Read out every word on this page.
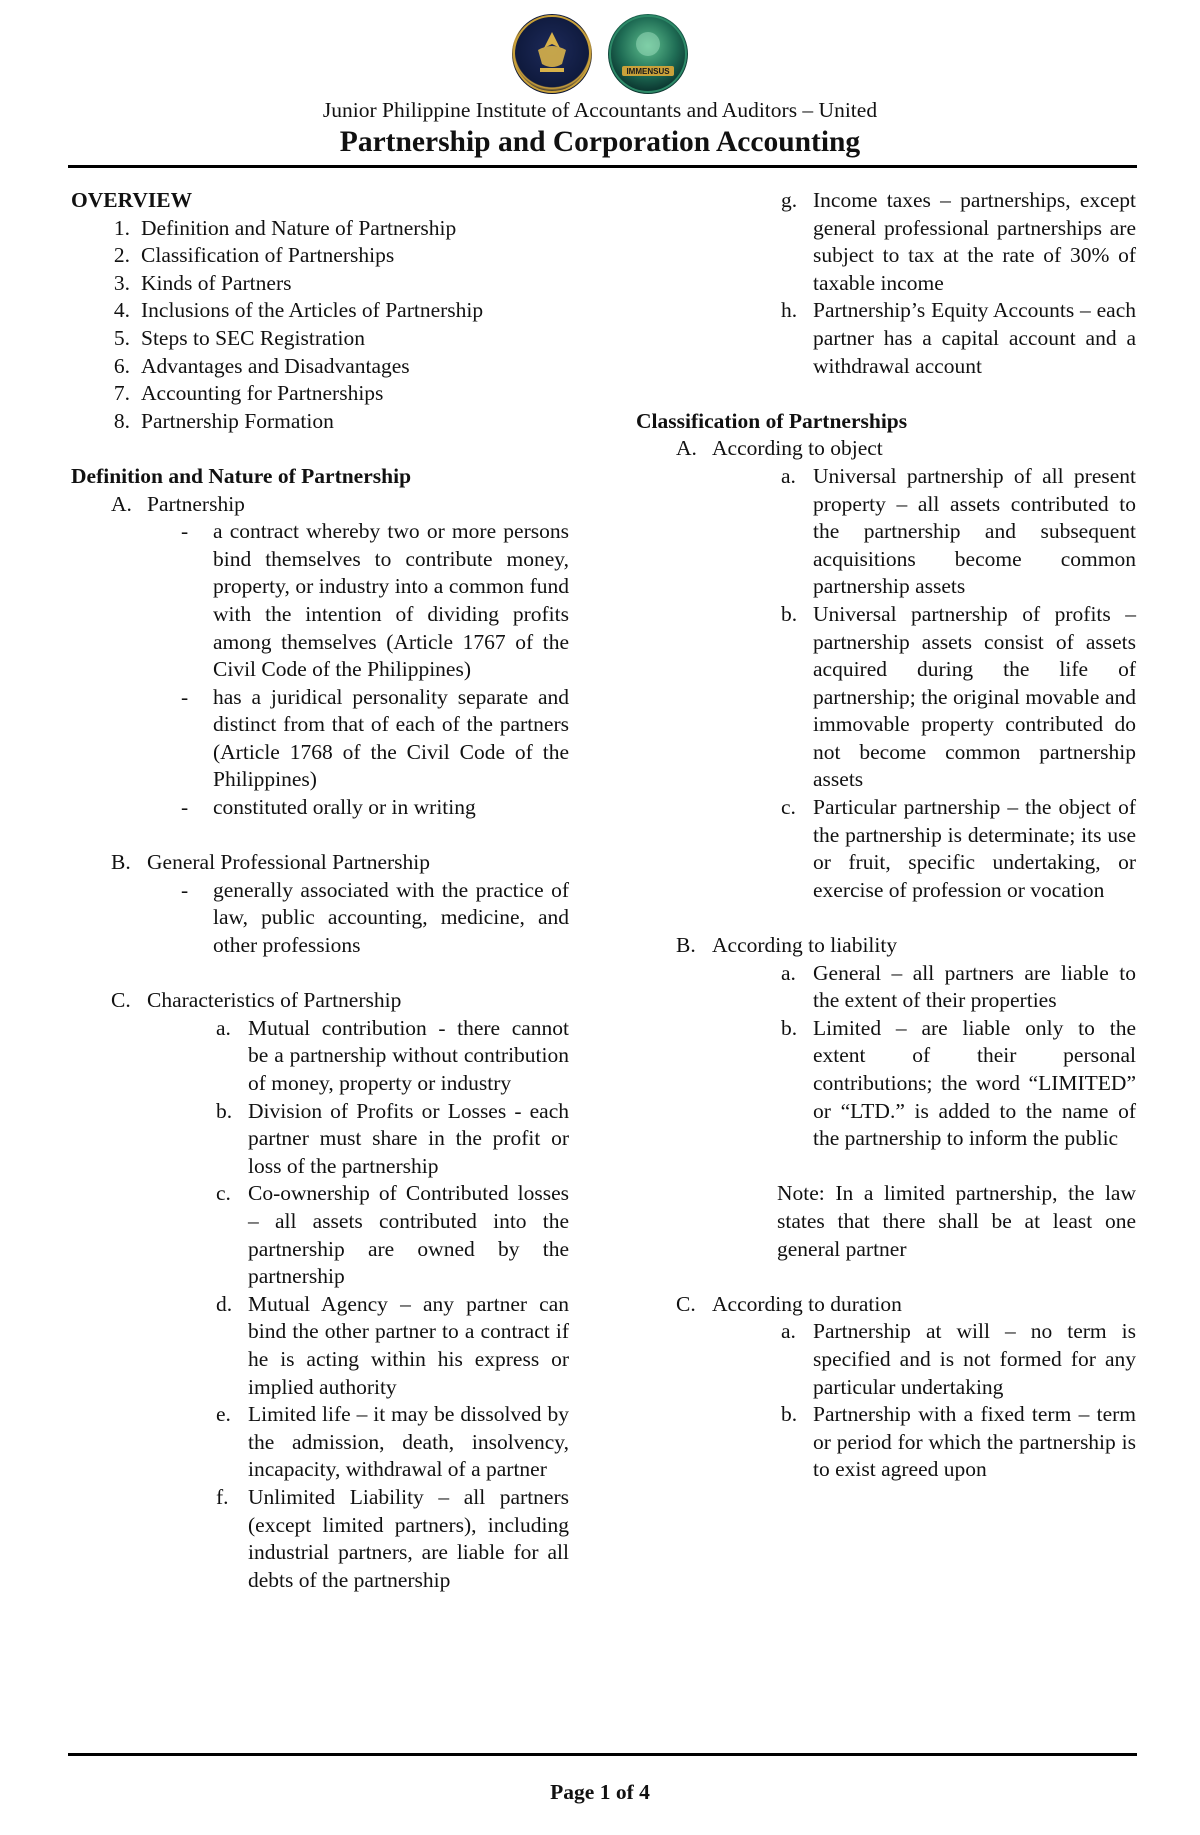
IMMENSUS
Junior Philippine Institute of Accountants and Auditors – United
Partnership and Corporation Accounting
OVERVIEW
1. Definition and Nature of Partnership
2. Classification of Partnerships
3. Kinds of Partners
4. Inclusions of the Articles of Partnership
5. Steps to SEC Registration
6. Advantages and Disadvantages
7. Accounting for Partnerships
8. Partnership Formation
Definition and Nature of Partnership
A. Partnership
-	a contract whereby two or more persons bind themselves to contribute money, property, or industry into a common fund with the intention of dividing profits among themselves (Article 1767 of the Civil Code of the Philippines)
-	has a juridical personality separate and distinct from that of each of the partners (Article 1768 of the Civil Code of the Philippines)
-	constituted orally or in writing
B. General Professional Partnership
-	generally associated with the practice of law, public accounting, medicine, and other professions
C. Characteristics of Partnership
a. Mutual contribution - there cannot be a partnership without contribution of money, property or industry
b. Division of Profits or Losses - each partner must share in the profit or loss of the partnership
c. Co-ownership of Contributed losses – all assets contributed into the partnership are owned by the partnership
d. Mutual Agency – any partner can bind the other partner to a contract if he is acting within his express or implied authority
e. Limited life – it may be dissolved by the admission, death, insolvency, incapacity, withdrawal of a partner
f. Unlimited Liability – all partners (except limited partners), including industrial partners, are liable for all debts of the partnership
g. Income taxes – partnerships, except general professional partnerships are subject to tax at the rate of 30% of taxable income
h. Partnership’s Equity Accounts – each partner has a capital account and a withdrawal account
Classification of Partnerships
A. According to object
a. Universal partnership of all present property – all assets contributed to the partnership and subsequent acquisitions become common partnership assets
b. Universal partnership of profits – partnership assets consist of assets acquired during the life of partnership; the original movable and immovable property contributed do not become common partnership assets
c. Particular partnership – the object of the partnership is determinate; its use or fruit, specific undertaking, or exercise of profession or vocation
B. According to liability
a. General – all partners are liable to the extent of their properties
b. Limited – are liable only to the extent of their personal contributions; the word “LIMITED” or “LTD.” is added to the name of the partnership to inform the public
Note: In a limited partnership, the law states that there shall be at least one general partner
C. According to duration
a. Partnership at will – no term is specified and is not formed for any particular undertaking
b. Partnership with a fixed term – term or period for which the partnership is to exist agreed upon
Page 1 of 4
